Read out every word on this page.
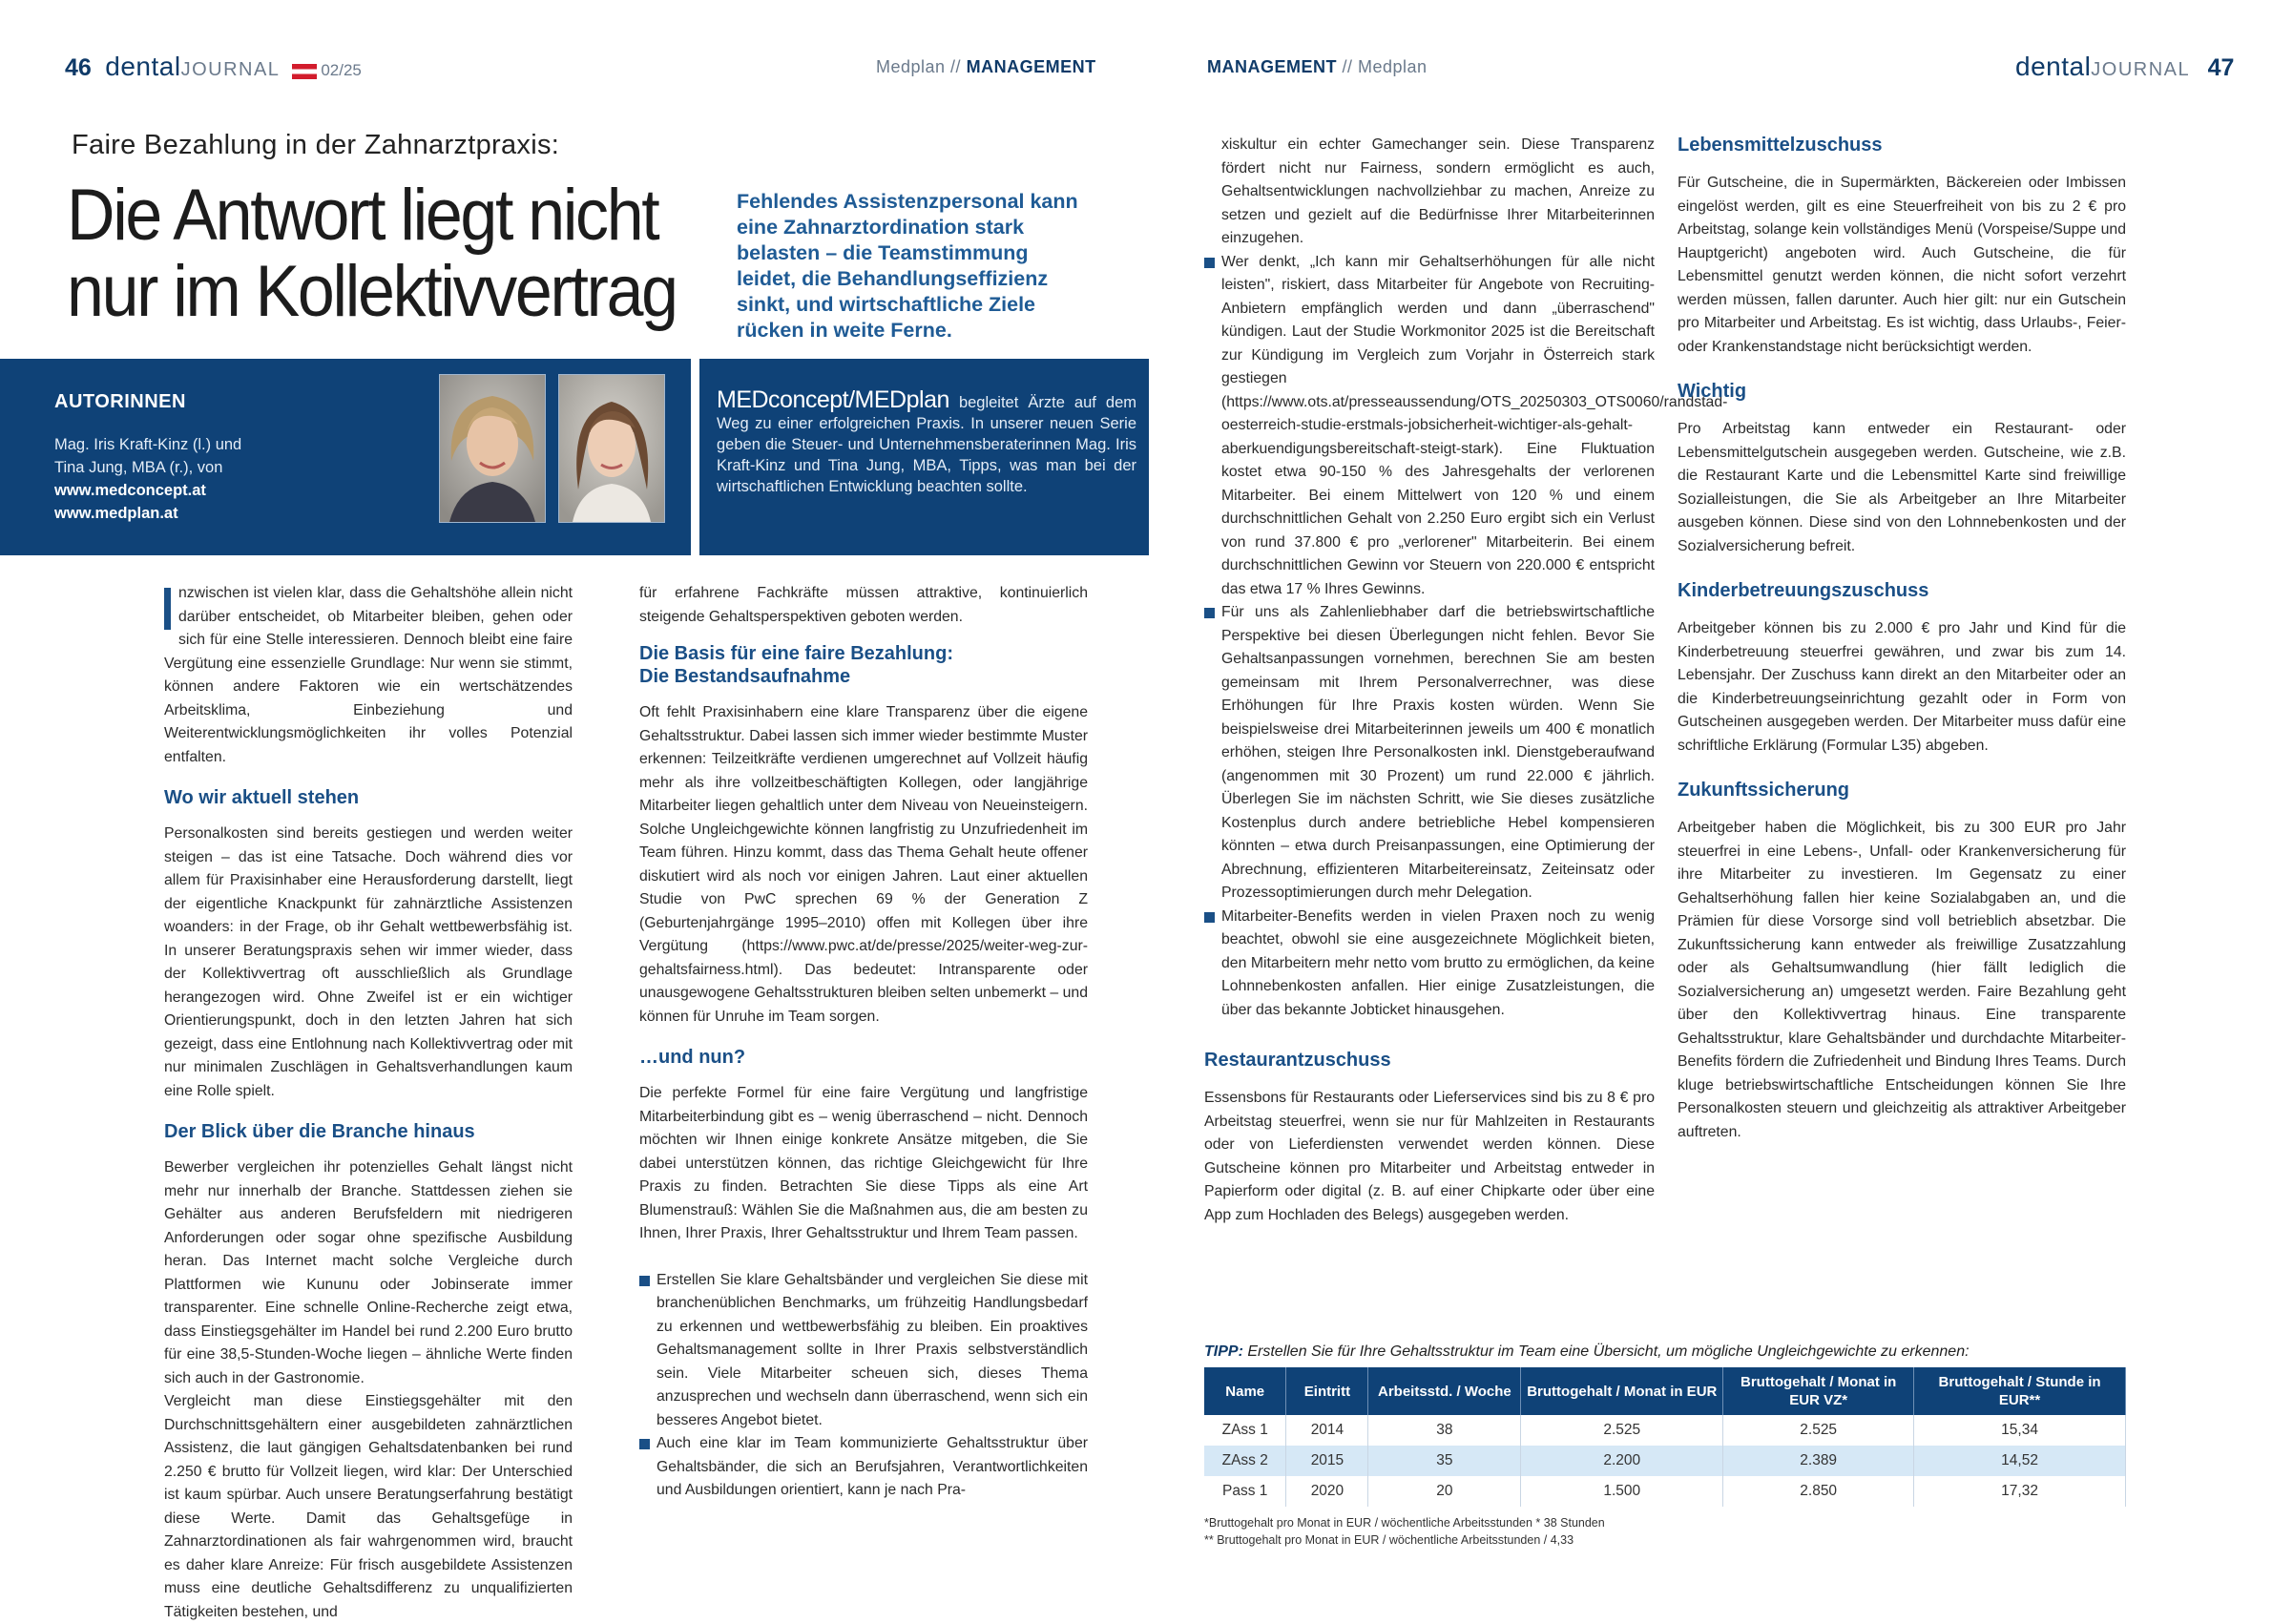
46 dentalJOURNAL	02/25	Medplan // MANAGEMENT	MANAGEMENT // Medplan	dentalJOURNAL 47
Faire Bezahlung in der Zahnarztpraxis:
Die Antwort liegt nicht
nur im Kollektivvertrag
Fehlendes Assistenzpersonal kann eine Zahnarztordination stark belasten – die Teamstimmung leidet, die Behandlungseffizienz sinkt, und wirtschaftliche Ziele rücken in weite Ferne.
AUTORINNEN
Mag. Iris Kraft-Kinz (l.) und
Tina Jung, MBA (r.), von
www.medconcept.at
www.medplan.at
MEDconcept/MEDplan begleitet Ärzte auf dem Weg zu einer erfolgreichen Praxis. In unserer neuen Serie geben die Steuer- und Unternehmensberaterinnen Mag. Iris Kraft-Kinz und Tina Jung, MBA, Tipps, was man bei der wirtschaftlichen Entwicklung beachten sollte.

nzwischen ist vielen klar, dass die Gehaltshöhe allein nicht darüber entscheidet, ob Mitarbeiter bleiben, gehen oder sich für eine Stelle interessieren. Dennoch bleibt eine faire Vergütung eine essenzielle Grundlage: Nur wenn sie stimmt, können andere Faktoren wie ein wertschätzendes Arbeitsklima, Einbeziehung und Weiterentwicklungsmöglichkeiten ihr volles Potenzial entfalten.

Wo wir aktuell stehen

Personalkosten sind bereits gestiegen und werden weiter steigen – das ist eine Tatsache. Doch während dies vor allem für Praxisinhaber eine Herausforderung darstellt, liegt der eigentliche Knackpunkt für zahnärztliche Assistenzen woanders: in der Frage, ob ihr Gehalt wettbewerbsfähig ist. In unserer Beratungspraxis sehen wir immer wieder, dass der Kollektivvertrag oft ausschließlich als Grundlage herangezogen wird. Ohne Zweifel ist er ein wichtiger Orientierungspunkt, doch in den letzten Jahren hat sich gezeigt, dass eine Entlohnung nach Kollektivvertrag oder mit nur minimalen Zuschlägen in Gehaltsverhandlungen kaum eine Rolle spielt.

Der Blick über die Branche hinaus

Bewerber vergleichen ihr potenzielles Gehalt längst nicht mehr nur innerhalb der Branche. Stattdessen ziehen sie Gehälter aus anderen Berufsfeldern mit niedrigeren Anforderungen oder sogar ohne spezifische Ausbildung heran. Das Internet macht solche Vergleiche durch Plattformen wie Kununu oder Jobinserate immer transparenter. Eine schnelle Online-Recherche zeigt etwa, dass Einstiegsgehälter im Handel bei rund 2.200 Euro brutto für eine 38,5-Stunden-Woche liegen – ähnliche Werte finden sich auch in der Gastronomie.

Vergleicht man diese Einstiegsgehälter mit den Durchschnittsgehältern einer ausgebildeten zahnärztlichen Assistenz, die laut gängigen Gehaltsdatenbanken bei rund 2.250 € brutto für Vollzeit liegen, wird klar: Der Unterschied ist kaum spürbar. Auch unsere Beratungserfahrung bestätigt diese Werte. Damit das Gehaltsgefüge in Zahnarztordinationen als fair wahrgenommen wird, braucht es daher klare Anreize: Für frisch ausgebildete Assistenzen muss eine deutliche Gehaltsdifferenz zu unqualifizierten Tätigkeiten bestehen, und

für erfahrene Fachkräfte müssen attraktive, kontinuierlich steigende Gehaltsperspektiven geboten werden.

Die Basis für eine faire Bezahlung:
Die Bestandsaufnahme

Oft fehlt Praxisinhabern eine klare Transparenz über die eigene Gehaltsstruktur. Dabei lassen sich immer wieder bestimmte Muster erkennen: Teilzeitkräfte verdienen umgerechnet auf Vollzeit häufig mehr als ihre vollzeitbeschäftigten Kollegen, oder langjährige Mitarbeiter liegen gehaltlich unter dem Niveau von Neueinsteigern. Solche Ungleichgewichte können langfristig zu Unzufriedenheit im Team führen. Hinzu kommt, dass das Thema Gehalt heute offener diskutiert wird als noch vor einigen Jahren. Laut einer aktuellen Studie von PwC sprechen 69 % der Generation Z (Geburtenjahrgänge 1995–2010) offen mit Kollegen über ihre Vergütung (https://www.pwc.at/de/presse/2025/weiter-weg-zur-gehaltsfairness.html). Das bedeutet: Intransparente oder unausgewogene Gehaltsstrukturen bleiben selten unbemerkt – und können für Unruhe im Team sorgen.

…und nun?

Die perfekte Formel für eine faire Vergütung und langfristige Mitarbeiterbindung gibt es – wenig überraschend – nicht. Dennoch möchten wir Ihnen einige konkrete Ansätze mitgeben, die Sie dabei unterstützen können, das richtige Gleichgewicht für Ihre Praxis zu finden. Betrachten Sie diese Tipps als eine Art Blumenstrauß: Wählen Sie die Maßnahmen aus, die am besten zu Ihnen, Ihrer Praxis, Ihrer Gehaltsstruktur und Ihrem Team passen.

Erstellen Sie klare Gehaltsbänder und vergleichen Sie diese mit branchenüblichen Benchmarks, um frühzeitig Handlungsbedarf zu erkennen und wettbewerbsfähig zu bleiben. Ein proaktives Gehaltsmanagement sollte in Ihrer Praxis selbstverständlich sein. Viele Mitarbeiter scheuen sich, dieses Thema anzusprechen und wechseln dann überraschend, wenn sich ein besseres Angebot bietet.

Auch eine klar im Team kommunizierte Gehaltsstruktur über Gehaltsbänder, die sich an Berufsjahren, Verantwortlichkeiten und Ausbildungen orientiert, kann je nach Pra-

xiskultur ein echter Gamechanger sein. Diese Transparenz fördert nicht nur Fairness, sondern ermöglicht es auch, Gehaltsentwicklungen nachvollziehbar zu machen, Anreize zu setzen und gezielt auf die Bedürfnisse Ihrer Mitarbeiterinnen einzugehen.

Wer denkt, „Ich kann mir Gehaltserhöhungen für alle nicht leisten", riskiert, dass Mitarbeiter für Angebote von Recruiting-Anbietern empfänglich werden und dann „überraschend" kündigen. Laut der Studie Workmonitor 2025 ist die Bereitschaft zur Kündigung im Vergleich zum Vorjahr in Österreich stark gestiegen (https://www.ots.at/presseaussendung/OTS_20250303_OTS0060/randstad-oesterreich-studie-erstmals-jobsicherheit-wichtiger-als-gehalt-aberkuendigungsbereitschaft-steigt-stark). Eine Fluktuation kostet etwa 90-150 % des Jahresgehalts der verlorenen Mitarbeiter. Bei einem Mittelwert von 120 % und einem durchschnittlichen Gehalt von 2.250 Euro ergibt sich ein Verlust von rund 37.800 € pro „verlorener" Mitarbeiterin. Bei einem durchschnittlichen Gewinn vor Steuern von 220.000 € entspricht das etwa 17 % Ihres Gewinns.

Für uns als Zahlenliebhaber darf die betriebswirtschaftliche Perspektive bei diesen Überlegungen nicht fehlen. Bevor Sie Gehaltsanpassungen vornehmen, berechnen Sie am besten gemeinsam mit Ihrem Personalverrechner, was diese Erhöhungen für Ihre Praxis kosten würden. Wenn Sie beispielsweise drei Mitarbeiterinnen jeweils um 400 € monatlich erhöhen, steigen Ihre Personalkosten inkl. Dienstgeberaufwand (angenommen mit 30 Prozent) um rund 22.000 € jährlich. Überlegen Sie im nächsten Schritt, wie Sie dieses zusätzliche Kostenplus durch andere betriebliche Hebel kompensieren könnten – etwa durch Preisanpassungen, eine Optimierung der Abrechnung, effizienteren Mitarbeitereinsatz, Zeiteinsatz oder Prozessoptimierungen durch mehr Delegation.

Mitarbeiter-Benefits werden in vielen Praxen noch zu wenig beachtet, obwohl sie eine ausgezeichnete Möglichkeit bieten, den Mitarbeitern mehr netto vom brutto zu ermöglichen, da keine Lohnnebenkosten anfallen. Hier einige Zusatzleistungen, die über das bekannte Jobticket hinausgehen.

Restaurantzuschuss

Essensbons für Restaurants oder Lieferservices sind bis zu 8 € pro Arbeitstag steuerfrei, wenn sie nur für Mahlzeiten in Restaurants oder von Lieferdiensten verwendet werden können. Diese Gutscheine können pro Mitarbeiter und Arbeitstag entweder in Papierform oder digital (z. B. auf einer Chipkarte oder über eine App zum Hochladen des Belegs) ausgegeben werden.

Lebensmittelzuschuss

Für Gutscheine, die in Supermärkten, Bäckereien oder Imbissen eingelöst werden, gilt es eine Steuerfreiheit von bis zu 2 € pro Arbeitstag, solange kein vollständiges Menü (Vorspeise/Suppe und Hauptgericht) angeboten wird. Auch Gutscheine, die für Lebensmittel genutzt werden können, die nicht sofort verzehrt werden müssen, fallen darunter. Auch hier gilt: nur ein Gutschein pro Mitarbeiter und Arbeitstag. Es ist wichtig, dass Urlaubs-, Feier- oder Krankenstandstage nicht berücksichtigt werden.

Wichtig

Pro Arbeitstag kann entweder ein Restaurant- oder Lebensmittelgutschein ausgegeben werden. Gutscheine, wie z.B. die Restaurant Karte und die Lebensmittel Karte sind freiwillige Sozialleistungen, die Sie als Arbeitgeber an Ihre Mitarbeiter ausgeben können. Diese sind von den Lohnnebenkosten und der Sozialversicherung befreit.

Kinderbetreuungszuschuss

Arbeitgeber können bis zu 2.000 € pro Jahr und Kind für die Kinderbetreuung steuerfrei gewähren, und zwar bis zum 14. Lebensjahr. Der Zuschuss kann direkt an den Mitarbeiter oder an die Kinderbetreuungseinrichtung gezahlt oder in Form von Gutscheinen ausgegeben werden. Der Mitarbeiter muss dafür eine schriftliche Erklärung (Formular L35) abgeben.

Zukunftssicherung

Arbeitgeber haben die Möglichkeit, bis zu 300 EUR pro Jahr steuerfrei in eine Lebens-, Unfall- oder Krankenversicherung für ihre Mitarbeiter zu investieren. Im Gegensatz zu einer Gehaltserhöhung fallen hier keine Sozialabgaben an, und die Prämien für diese Vorsorge sind voll betrieblich absetzbar. Die Zukunftssicherung kann entweder als freiwillige Zusatzzahlung oder als Gehaltsumwandlung (hier fällt lediglich die Sozialversicherung an) umgesetzt werden. Faire Bezahlung geht über den Kollektivvertrag hinaus. Eine transparente Gehaltsstruktur, klare Gehaltsbänder und durchdachte Mitarbeiter-Benefits fördern die Zufriedenheit und Bindung Ihres Teams. Durch kluge betriebswirtschaftliche Entscheidungen können Sie Ihre Personalkosten steuern und gleichzeitig als attraktiver Arbeitgeber auftreten.

TIPP: Erstellen Sie für Ihre Gehaltsstruktur im Team eine Übersicht, um mögliche Ungleichgewichte zu erkennen:
Name	Eintritt	Arbeitsstd. / Woche	Bruttogehalt / Monat in EUR	Bruttogehalt / Monat in EUR VZ*	Bruttogehalt / Stunde in EUR**
ZAss 1	2014	38	2.525	2.525	15,34
ZAss 2	2015	35	2.200	2.389	14,52
Pass 1	2020	20	1.500	2.850	17,32
*Bruttogehalt pro Monat in EUR / wöchentliche Arbeitsstunden * 38 Stunden
** Bruttogehalt pro Monat in EUR / wöchentliche Arbeitsstunden / 4,33
